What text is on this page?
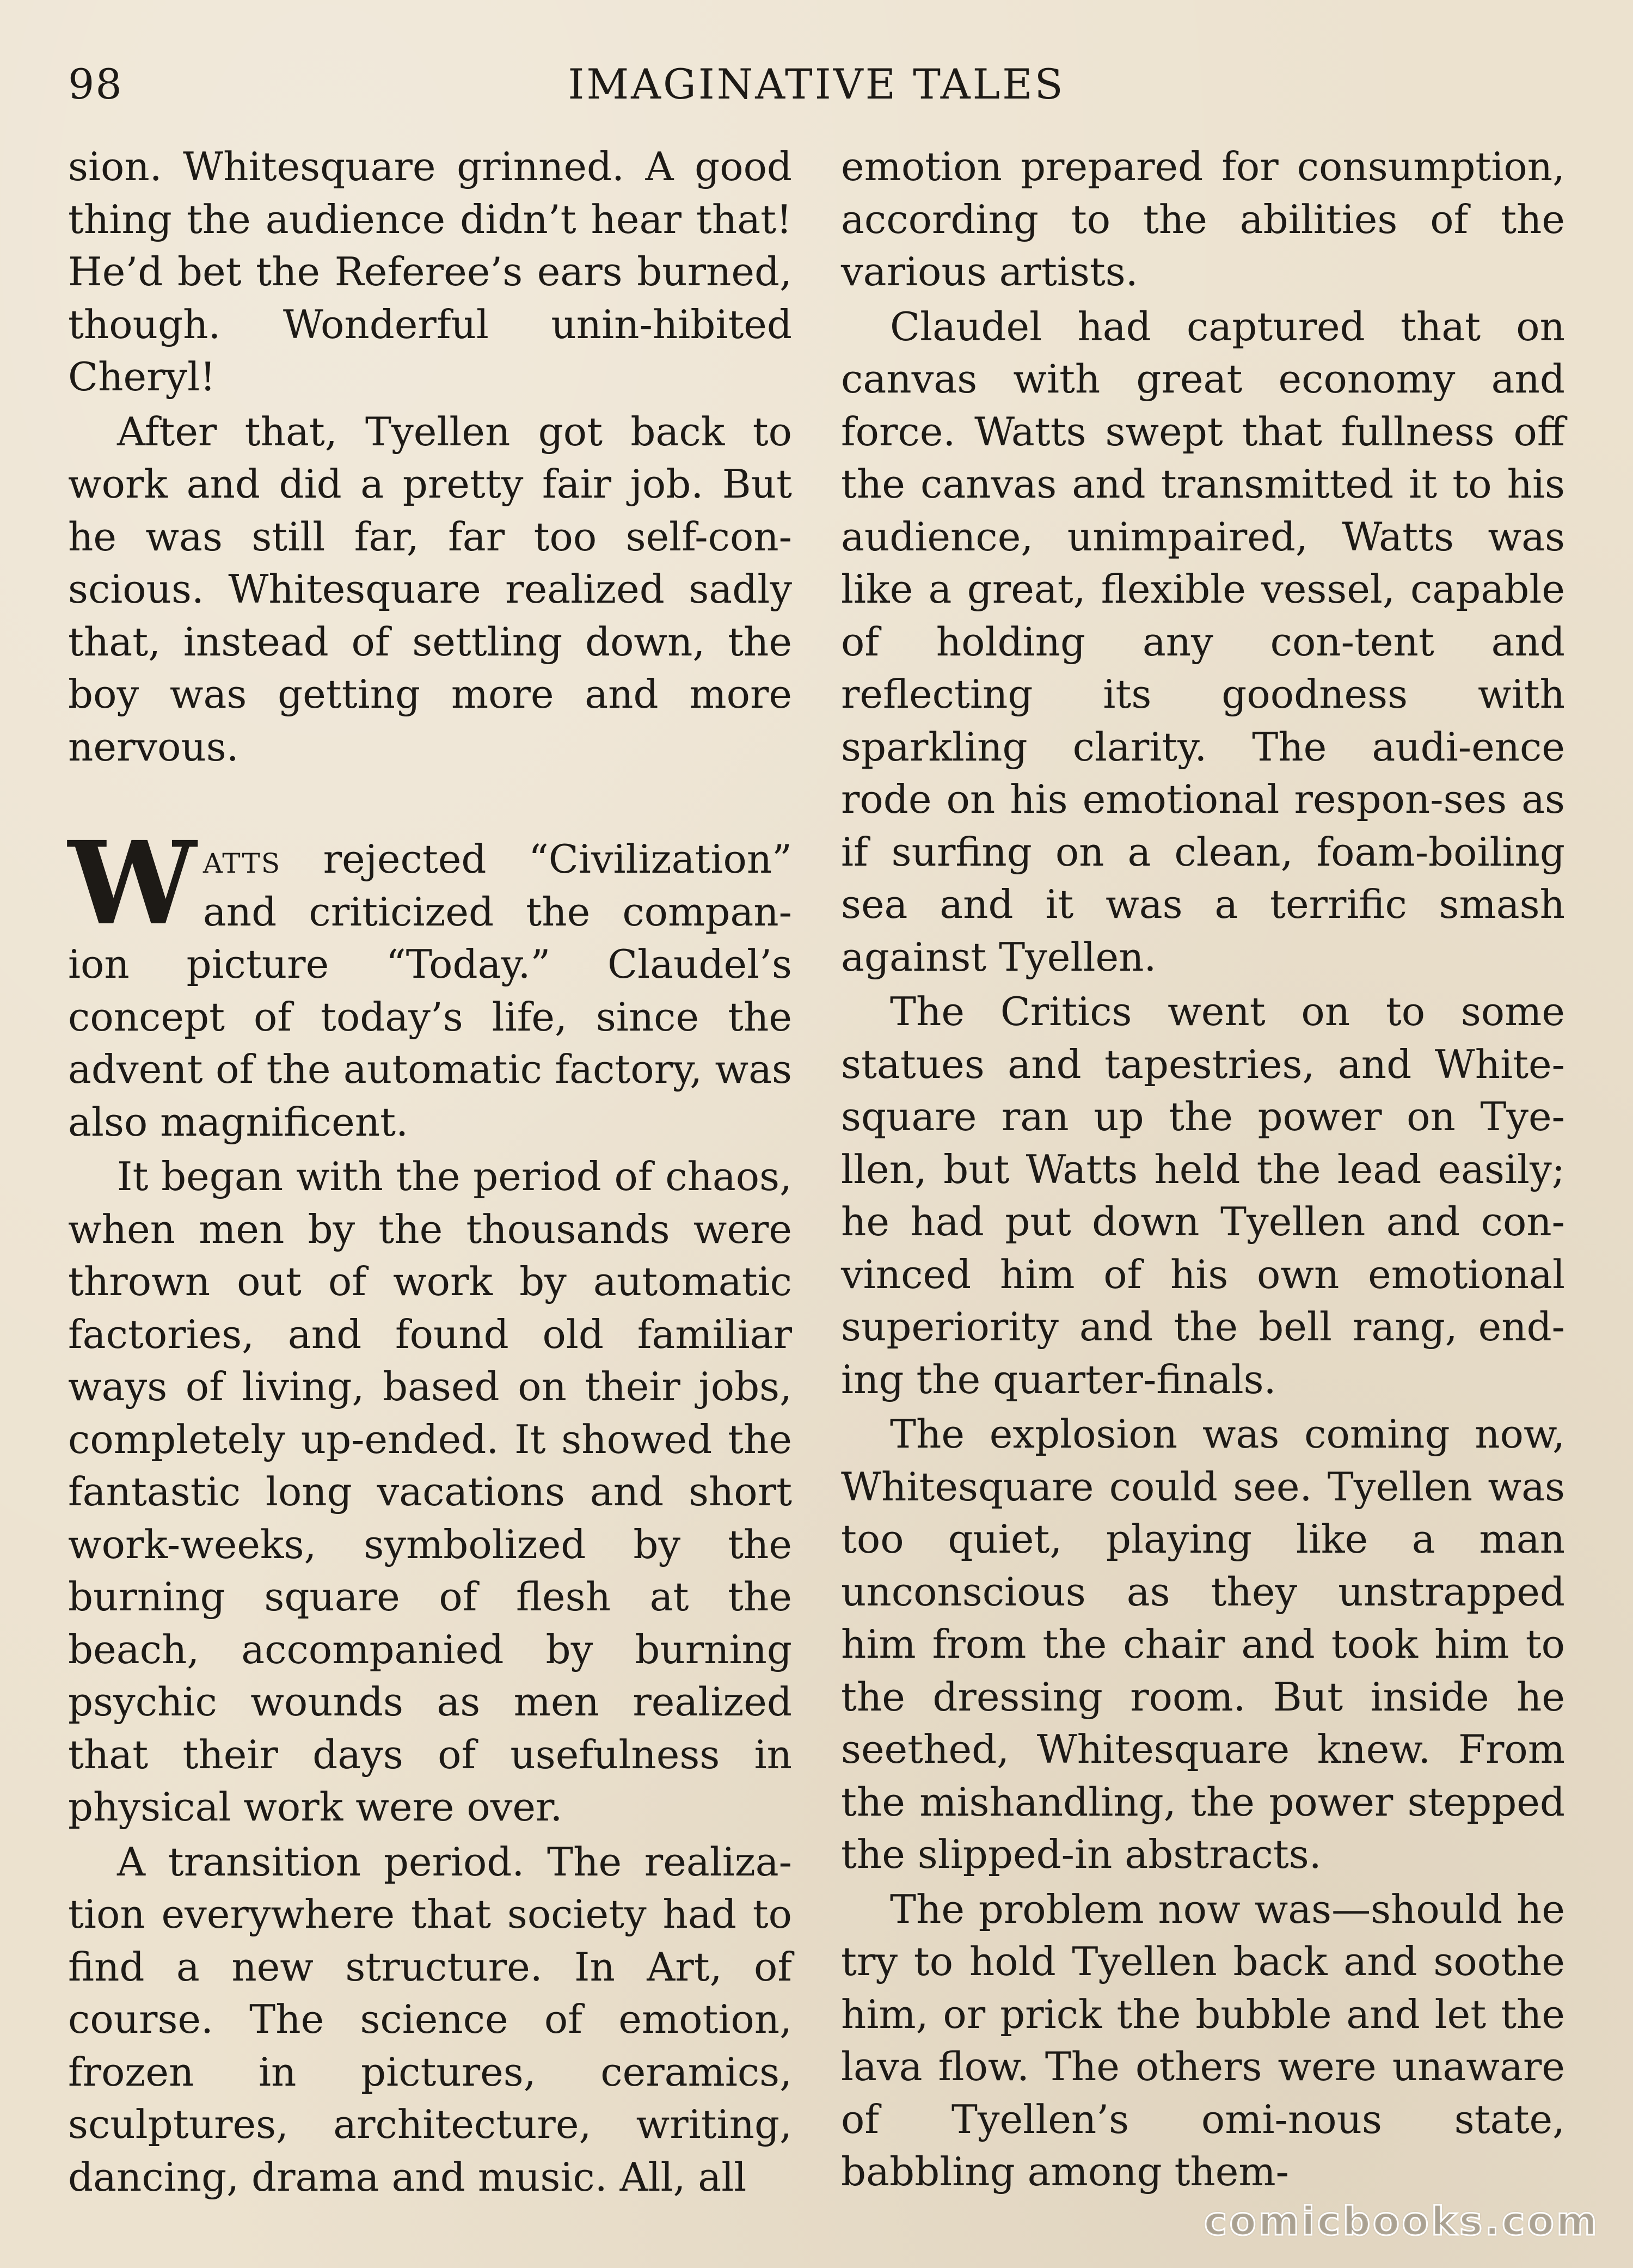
98	IMAGINATIVE TALES

sion. Whitesquare grinned. A good thing the audience didn’t hear that! He’d bet the Referee’s ears burned, though. Wonderful unin-hibited Cheryl!

After that, Tyellen got back to work and did a pretty fair job. But he was still far, far too self-con-scious. Whitesquare realized sadly that, instead of settling down, the boy was getting more and more nervous.

Watts rejected “Civilization” and criticized the compan-ion picture “Today.” Claudel’s concept of today’s life, since the advent of the automatic factory, was also magnificent.

It began with the period of chaos, when men by the thousands were thrown out of work by automatic factories, and found old familiar ways of living, based on their jobs, completely up-ended. It showed the fantastic long vacations and short work-weeks, symbolized by the burning square of flesh at the beach, accompanied by burning psychic wounds as men realized that their days of usefulness in physical work were over.

A transition period. The realiza-tion everywhere that society had to find a new structure. In Art, of course. The science of emotion, frozen in pictures, ceramics, sculptures, architecture, writing, dancing, drama and music. All, all

emotion prepared for consumption, according to the abilities of the various artists.

Claudel had captured that on canvas with great economy and force. Watts swept that fullness off the canvas and transmitted it to his audience, unimpaired, Watts was like a great, flexible vessel, capable of holding any con-tent and reflecting its goodness with sparkling clarity. The audi-ence rode on his emotional respon-ses as if surfing on a clean, foam-boiling sea and it was a terrific smash against Tyellen.

The Critics went on to some statues and tapestries, and White-square ran up the power on Tye-llen, but Watts held the lead easily; he had put down Tyellen and con-vinced him of his own emotional superiority and the bell rang, end-ing the quarter-finals.

The explosion was coming now, Whitesquare could see. Tyellen was too quiet, playing like a man unconscious as they unstrapped him from the chair and took him to the dressing room. But inside he seethed, Whitesquare knew. From the mishandling, the power stepped the slipped-in abstracts.

The problem now was—should he try to hold Tyellen back and soothe him, or prick the bubble and let the lava flow. The others were unaware of Tyellen’s omi-nous state, babbling among them-

comicbooks.com
